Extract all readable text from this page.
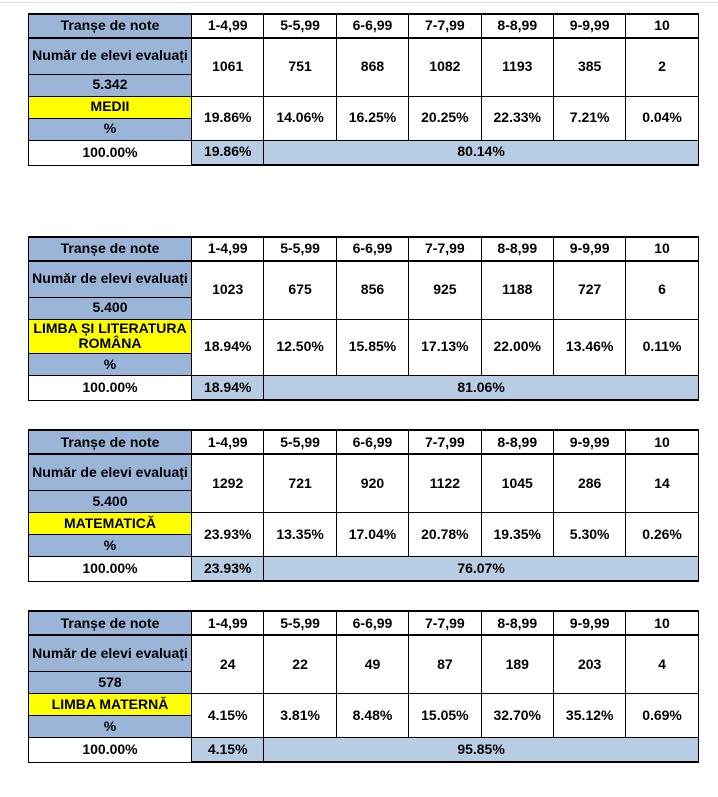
Tranșe de note	1-4,99	5-5,99	6-6,99	7-7,99	8-8,99	9-9,99	10
Număr de elevi evaluați	1061	751	868	1082	1193	385	2
5.342							
MEDII	19.86%	14.06%	16.25%	20.25%	22.33%	7.21%	0.04%
%							
100.00%	19.86%	80.14%					
Tranșe de note	1-4,99	5-5,99	6-6,99	7-7,99	8-8,99	9-9,99	10
Număr de elevi evaluați	1023	675	856	925	1188	727	6
5.400							
LIMBA ȘI LITERATURA ROMÂNA	18.94%	12.50%	15.85%	17.13%	22.00%	13.46%	0.11%
%							
100.00%	18.94%	81.06%					
Tranșe de note	1-4,99	5-5,99	6-6,99	7-7,99	8-8,99	9-9,99	10
Număr de elevi evaluați	1292	721	920	1122	1045	286	14
5.400							
MATEMATICĂ	23.93%	13.35%	17.04%	20.78%	19.35%	5.30%	0.26%
%							
100.00%	23.93%	76.07%					
Tranșe de note	1-4,99	5-5,99	6-6,99	7-7,99	8-8,99	9-9,99	10
Număr de elevi evaluați	24	22	49	87	189	203	4
578							
LIMBA MATERNĂ	4.15%	3.81%	8.48%	15.05%	32.70%	35.12%	0.69%
%							
100.00%	4.15%	95.85%					
